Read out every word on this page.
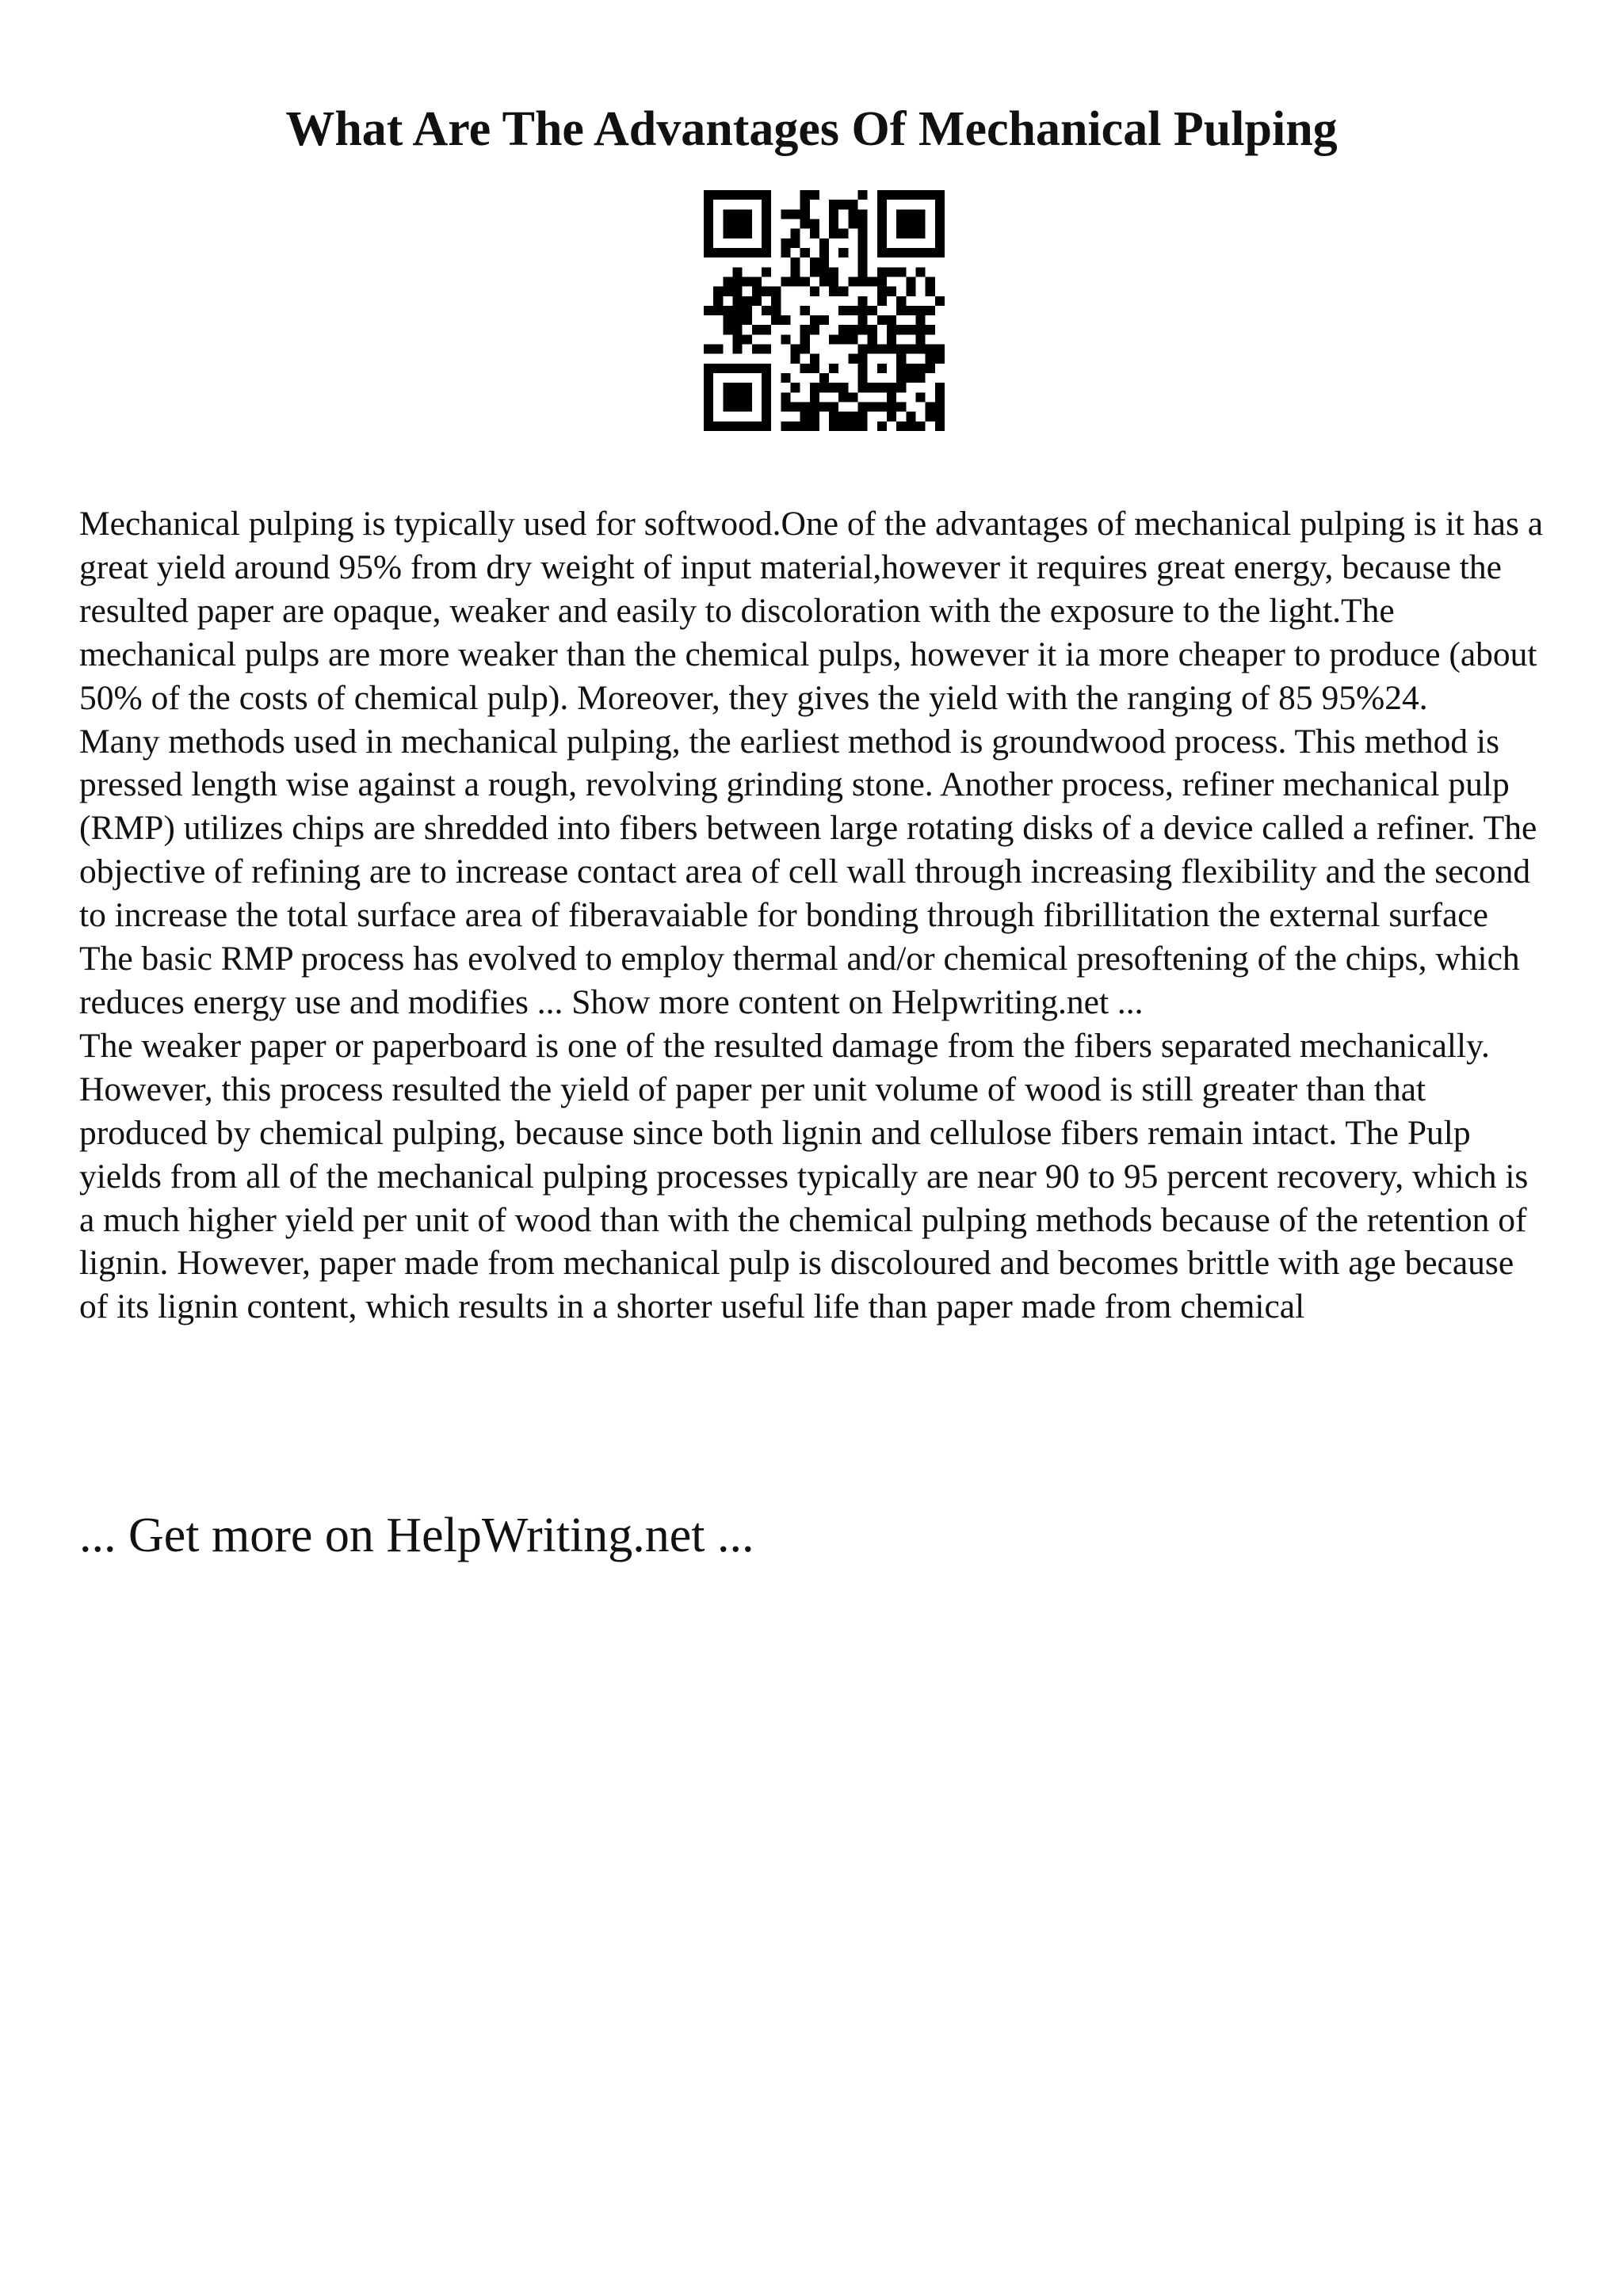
What Are The Advantages Of Mechanical Pulping

Mechanical pulping is typically used for softwood.One of the advantages of mechanical pulping is it has a great yield around 95% from dry weight of input material,however it requires great energy, because the resulted paper are opaque, weaker and easily to discoloration with the exposure to the light.The mechanical pulps are more weaker than the chemical pulps, however it ia more cheaper to produce (about 50% of the costs of chemical pulp). Moreover, they gives the yield with the ranging of 85 95%24.

Many methods used in mechanical pulping, the earliest method is groundwood process. This method is pressed length wise against a rough, revolving grinding stone. Another process, refiner mechanical pulp (RMP) utilizes chips are shredded into fibers between large rotating disks of a device called a refiner. The objective of refining are to increase contact area of cell wall through increasing flexibility and the second to increase the total surface area of fiberavaiable for bonding through fibrillitation the external surface

The basic RMP process has evolved to employ thermal and/or chemical presoftening of the chips, which reduces energy use and modifies ... Show more content on Helpwriting.net ...

The weaker paper or paperboard is one of the resulted damage from the fibers separated mechanically. However, this process resulted the yield of paper per unit volume of wood is still greater than that produced by chemical pulping, because since both lignin and cellulose fibers remain intact. The Pulp yields from all of the mechanical pulping processes typically are near 90 to 95 percent recovery, which is a much higher yield per unit of wood than with the chemical pulping methods because of the retention of lignin. However, paper made from mechanical pulp is discoloured and becomes brittle with age because of its lignin content, which results in a shorter useful life than paper made from chemical

... Get more on HelpWriting.net ...
